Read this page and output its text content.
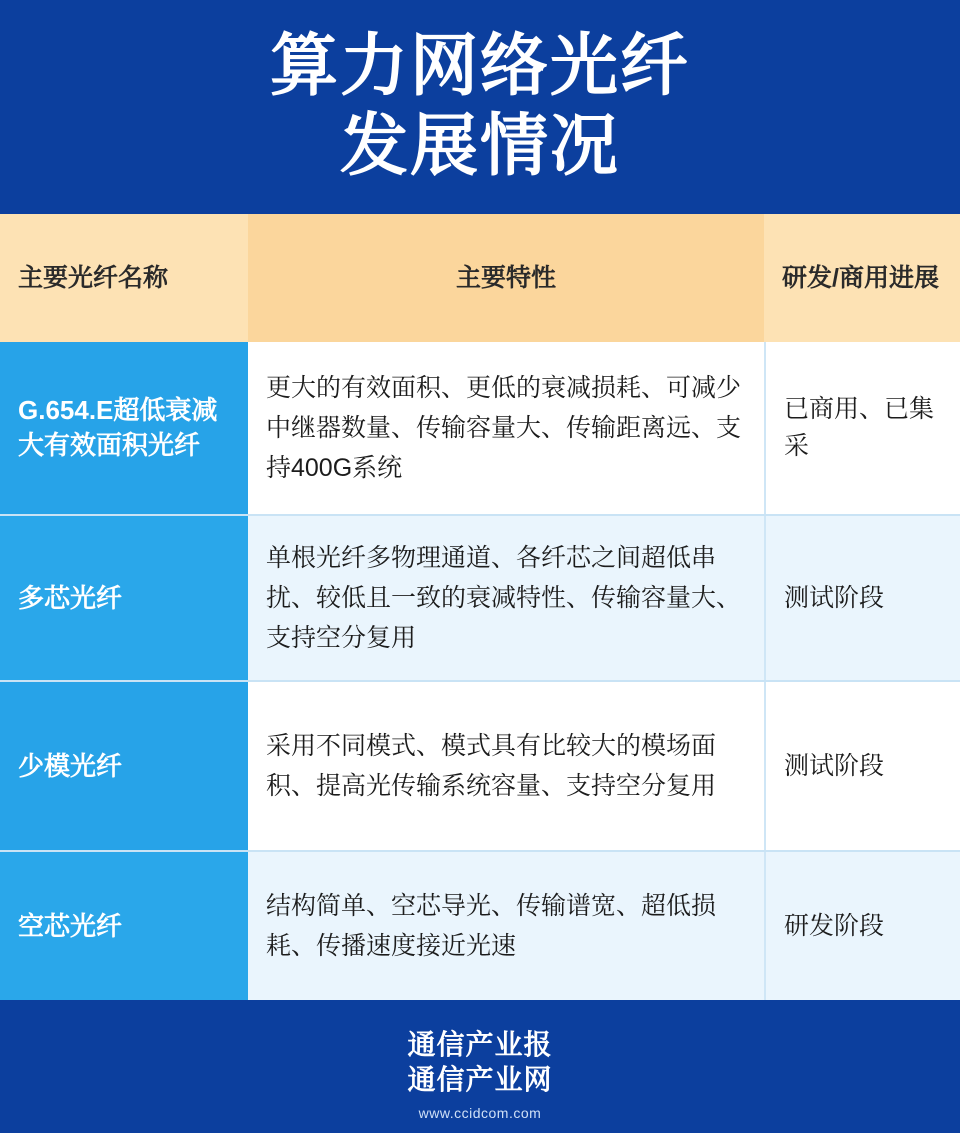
算力网络光纤
发展情况
主要光纤名称	主要特性	研发/商用进展
G.654.E超低衰减大有效面积光纤
更大的有效面积、更低的衰减损耗、可减少中继器数量、传输容量大、传输距离远、支持400G系统
已商用、已集采
多芯光纤
单根光纤多物理通道、各纤芯之间超低串扰、较低且一致的衰减特性、传输容量大、支持空分复用
测试阶段
少模光纤
采用不同模式、模式具有比较大的模场面积、提高光传输系统容量、支持空分复用
测试阶段
空芯光纤
结构简单、空芯导光、传输谱宽、超低损耗、传播速度接近光速
研发阶段
通信产业报
通信产业网
www.ccidcom.com
